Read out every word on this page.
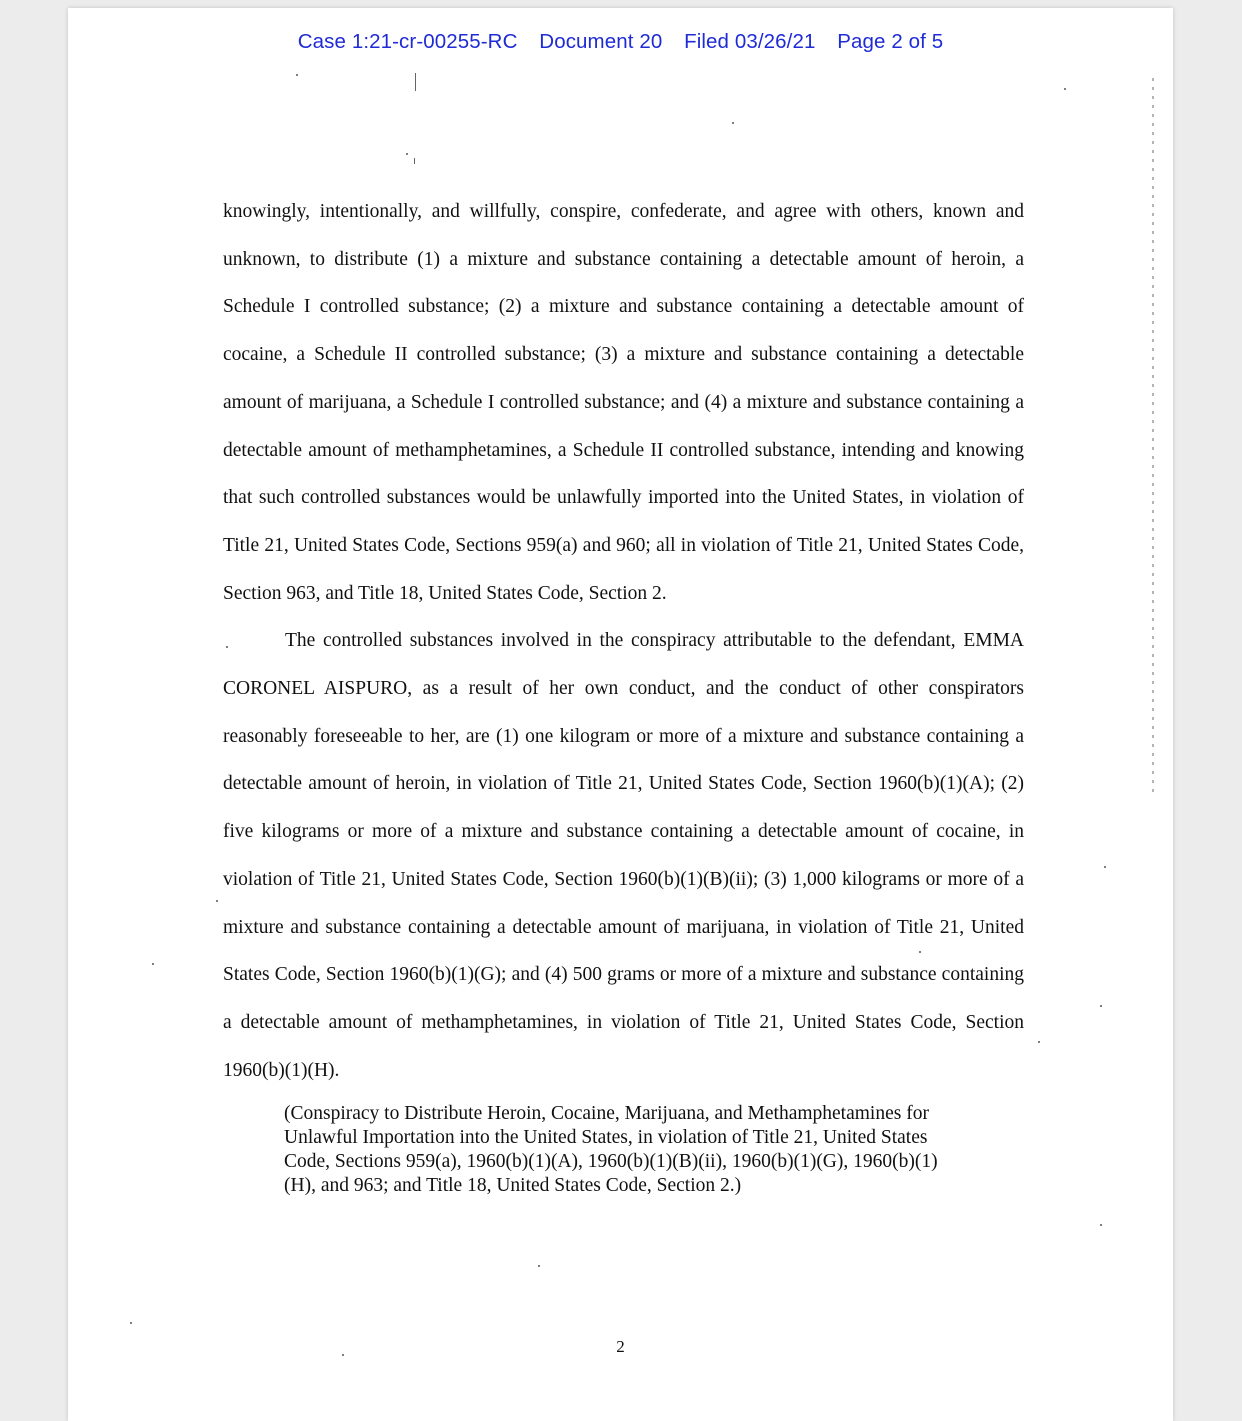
Case 1:21-cr-00255-RC Document 20 Filed 03/26/21 Page 2 of 5

knowingly, intentionally, and willfully, conspire, confederate, and agree with others, known and unknown, to distribute (1) a mixture and substance containing a detectable amount of heroin, a Schedule I controlled substance; (2) a mixture and substance containing a detectable amount of cocaine, a Schedule II controlled substance; (3) a mixture and substance containing a detectable amount of marijuana, a Schedule I controlled substance; and (4) a mixture and substance containing a detectable amount of methamphetamines, a Schedule II controlled substance, intending and knowing that such controlled substances would be unlawfully imported into the United States, in violation of Title 21, United States Code, Sections 959(a) and 960; all in violation of Title 21, United States Code, Section 963, and Title 18, United States Code, Section 2.

The controlled substances involved in the conspiracy attributable to the defendant, EMMA CORONEL AISPURO, as a result of her own conduct, and the conduct of other conspirators reasonably foreseeable to her, are (1) one kilogram or more of a mixture and substance containing a detectable amount of heroin, in violation of Title 21, United States Code, Section 1960(b)(1)(A); (2) five kilograms or more of a mixture and substance containing a detectable amount of cocaine, in violation of Title 21, United States Code, Section 1960(b)(1)(B)(ii); (3) 1,000 kilograms or more of a mixture and substance containing a detectable amount of marijuana, in violation of Title 21, United States Code, Section 1960(b)(1)(G); and (4) 500 grams or more of a mixture and substance containing a detectable amount of methamphetamines, in violation of Title 21, United States Code, Section 1960(b)(1)(H).

(Conspiracy to Distribute Heroin, Cocaine, Marijuana, and Methamphetamines for Unlawful Importation into the United States, in violation of Title 21, United States Code, Sections 959(a), 1960(b)(1)(A), 1960(b)(1)(B)(ii), 1960(b)(1)(G), 1960(b)(1)(H), and 963; and Title 18, United States Code, Section 2.)
2
